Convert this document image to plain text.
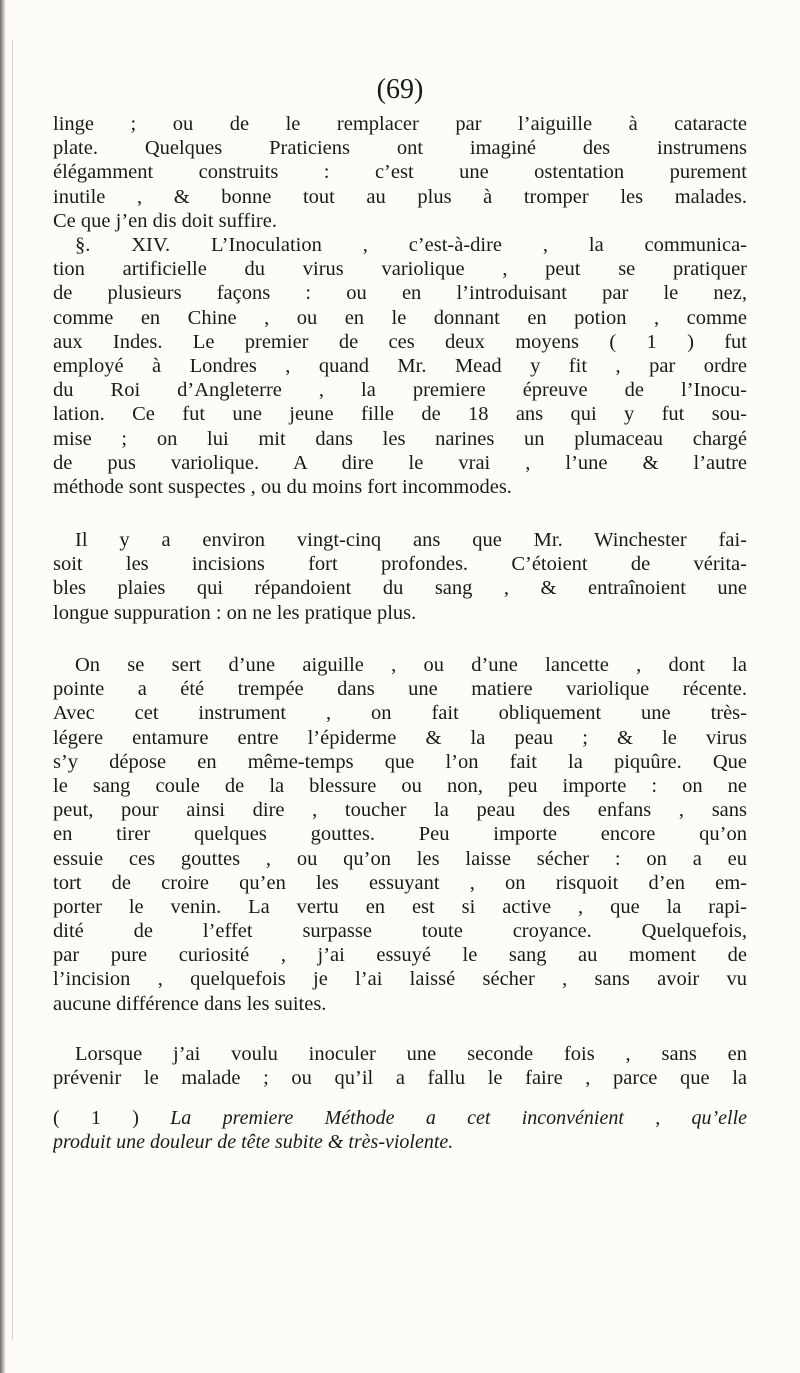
(69)
linge ; ou de le remplacer par l’aiguille à cataracte
plate. Quelques Praticiens ont imaginé des instrumens
élégamment construits : c’est une ostentation purement
inutile , & bonne tout au plus à tromper les malades.
Ce que j’en dis doit suffire.
§. XIV. L’Inoculation , c’est-à-dire , la communica-
tion artificielle du virus variolique , peut se pratiquer
de plusieurs façons : ou en l’introduisant par le nez,
comme en Chine , ou en le donnant en potion , comme
aux Indes. Le premier de ces deux moyens ( 1 ) fut
employé à Londres , quand Mr. Mead y fit , par ordre
du Roi d’Angleterre , la premiere épreuve de l’Inocu-
lation. Ce fut une jeune fille de 18 ans qui y fut sou-
mise ; on lui mit dans les narines un plumaceau chargé
de pus variolique. A dire le vrai , l’une & l’autre
méthode sont suspectes , ou du moins fort incommodes.
Il y a environ vingt-cinq ans que Mr. Winchester fai-
soit les incisions fort profondes. C’étoient de vérita-
bles plaies qui répandoient du sang , & entraînoient une
longue suppuration : on ne les pratique plus.
On se sert d’une aiguille , ou d’une lancette , dont la
pointe a été trempée dans une matiere variolique récente.
Avec cet instrument , on fait obliquement une très-
légere entamure entre l’épiderme & la peau ; & le virus
s’y dépose en même-temps que l’on fait la piquûre. Que
le sang coule de la blessure ou non, peu importe : on ne
peut, pour ainsi dire , toucher la peau des enfans , sans
en tirer quelques gouttes. Peu importe encore qu’on
essuie ces gouttes , ou qu’on les laisse sécher : on a eu
tort de croire qu’en les essuyant , on risquoit d’en em-
porter le venin. La vertu en est si active , que la rapi-
dité de l’effet surpasse toute croyance. Quelquefois,
par pure curiosité , j’ai essuyé le sang au moment de
l’incision , quelquefois je l’ai laissé sécher , sans avoir vu
aucune différence dans les suites.
Lorsque j’ai voulu inoculer une seconde fois , sans en
prévenir le malade ; ou qu’il a fallu le faire , parce que la
( 1 ) La premiere Méthode a cet inconvénient , qu’elle
produit une douleur de tête subite & très-violente.
